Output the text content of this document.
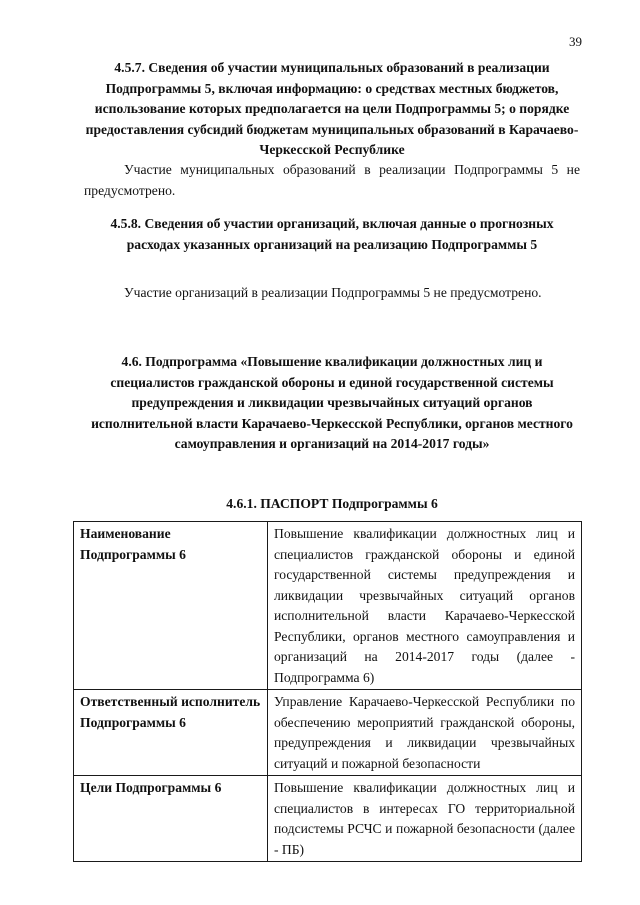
39
4.5.7. Сведения об участии муниципальных образований в реализации Подпрограммы 5, включая информацию: о средствах местных бюджетов, использование которых предполагается на цели Подпрограммы 5; о порядке предоставления субсидий бюджетам муниципальных образований в Карачаево-Черкесской Республике
Участие муниципальных образований в реализации Подпрограммы 5 не предусмотрено.
4.5.8. Сведения об участии организаций, включая данные о прогнозных расходах указанных организаций на реализацию Подпрограммы 5
Участие организаций в реализации Подпрограммы 5 не предусмотрено.
4.6. Подпрограмма «Повышение квалификации должностных лиц и специалистов гражданской обороны и единой государственной системы предупреждения и ликвидации чрезвычайных ситуаций органов исполнительной власти Карачаево-Черкесской Республики, органов местного самоуправления и организаций на 2014-2017 годы»
4.6.1. ПАСПОРТ Подпрограммы 6
Наименование Подпрограммы 6	Повышение квалификации должностных лиц и специалистов гражданской обороны и единой государственной системы предупреждения и ликвидации чрезвычайных ситуаций органов исполнительной власти Карачаево-Черкесской Республики, органов местного самоуправления и организаций на 2014-2017 годы (далее - Подпрограмма 6)
Ответственный исполнитель Подпрограммы 6	Управление Карачаево-Черкесской Республики по обеспечению мероприятий гражданской обороны, предупреждения и ликвидации чрезвычайных ситуаций и пожарной безопасности
Цели Подпрограммы 6	Повышение квалификации должностных лиц и специалистов в интересах ГО территориальной подсистемы РСЧС и пожарной безопасности (далее - ПБ)
